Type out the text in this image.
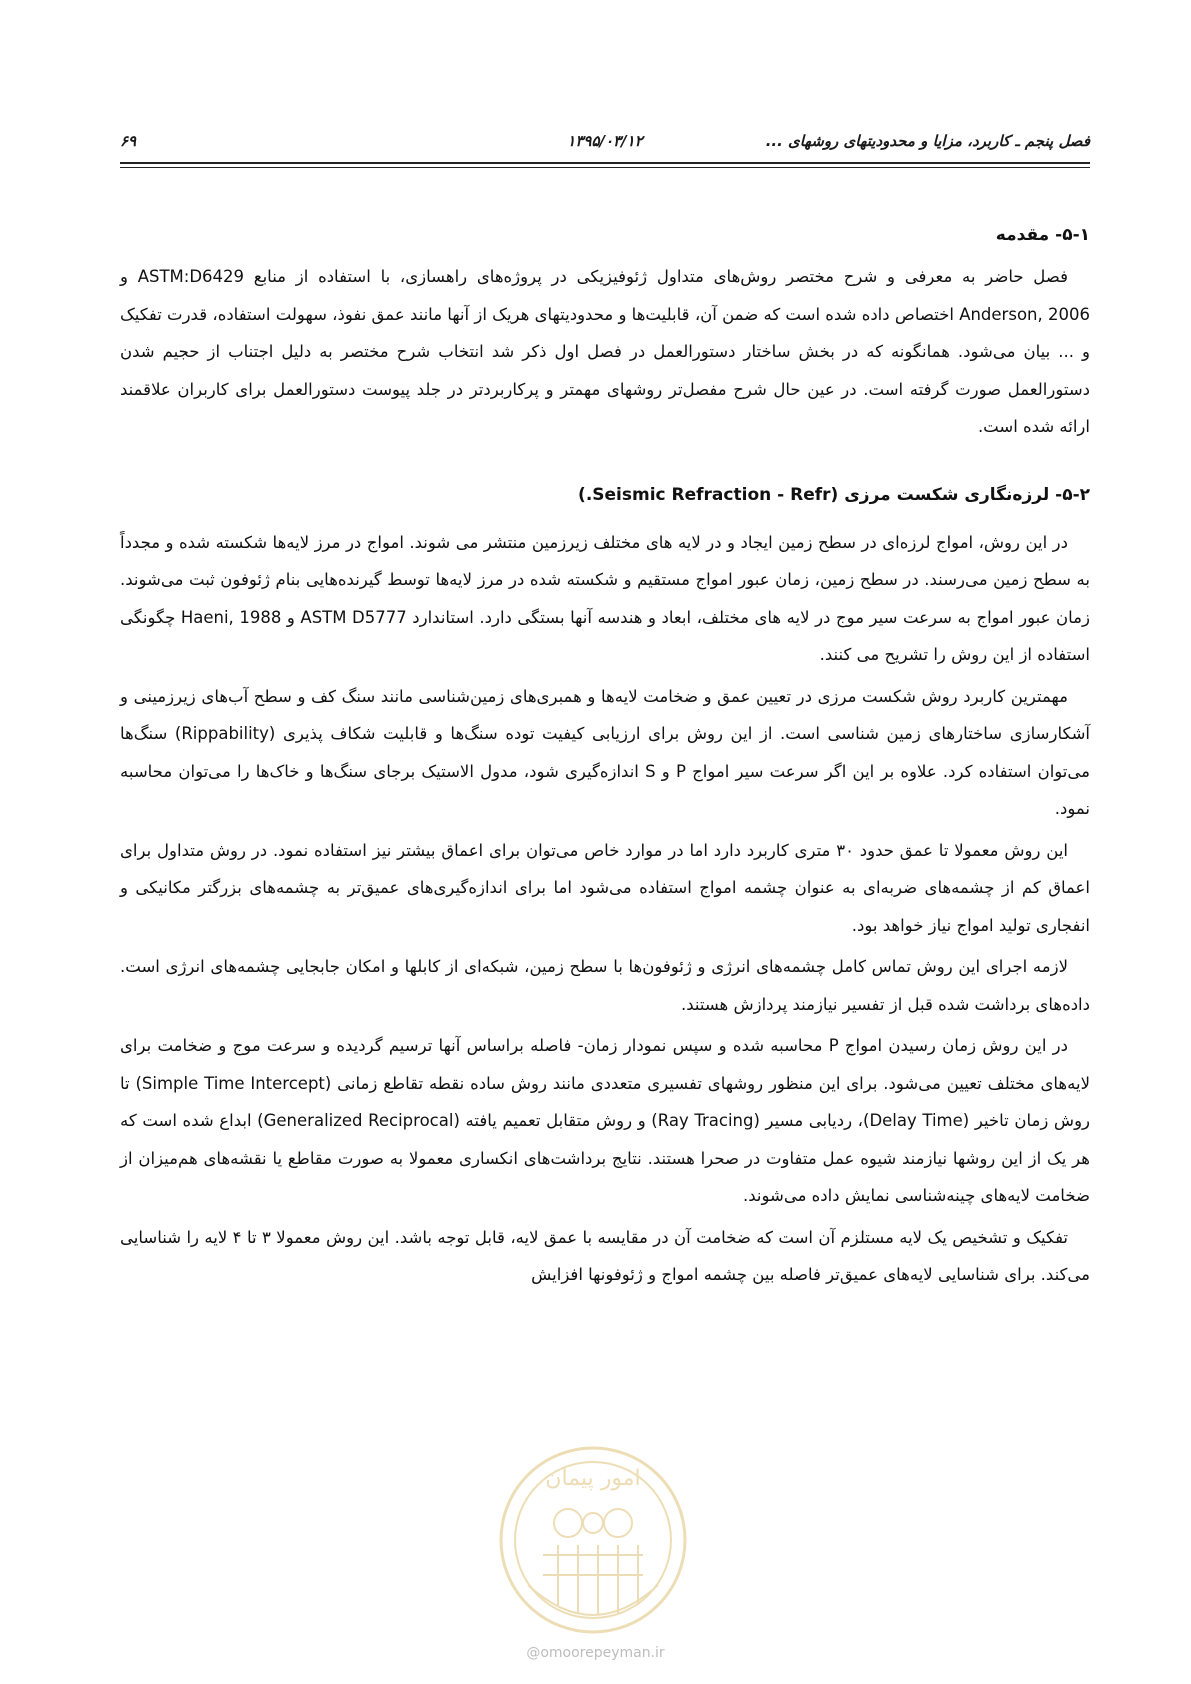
فصل پنجم ـ کاربرد، مزایا و محدودیتهای روشهای ...
۱۳۹۵/۰۳/۱۲
۶۹
۵-۱- مقدمه

فصل حاضر به معرفی و شرح مختصر روش‌های متداول ژئوفیزیکی در پروژه‌های راهسازی، با استفاده از منابع ASTM:D6429 و Anderson, 2006 اختصاص داده شده است که ضمن آن، قابلیت‌ها و محدودیتهای هریک از آنها مانند عمق نفوذ، سهولت استفاده، قدرت تفکیک و ... بیان می‌شود. همانگونه که در بخش ساختار دستورالعمل در فصل اول ذکر شد انتخاب شرح مختصر به دلیل اجتناب از حجیم شدن دستورالعمل صورت گرفته است. در عین حال شرح مفصل‌تر روشهای مهمتر و پرکاربردتر در جلد پیوست دستورالعمل برای کاربران علاقمند ارائه شده است.

۵-۲- لرزه‌نگاری شکست مرزی (Seismic Refraction - Refr.)

در این روش، امواج لرزه‌ای در سطح زمین ایجاد و در لایه های مختلف زیرزمین منتشر می شوند. امواج در مرز لایه‌ها شکسته شده و مجدداً به سطح زمین می‌رسند. در سطح زمین، زمان عبور امواج مستقیم و شکسته شده در مرز لایه‌ها توسط گیرنده‌هایی بنام ژئوفون ثبت می‌شوند. زمان عبور امواج به سرعت سیر موج در لایه های مختلف، ابعاد و هندسه آنها بستگی دارد. استاندارد ASTM D5777 و Haeni, 1988 چگونگی استفاده از این روش را تشریح می کنند.

مهمترین کاربرد روش شکست مرزی در تعیین عمق و ضخامت لایه‌ها و همبری‌های زمین‌شناسی مانند سنگ کف و سطح آب‌های زیرزمینی و آشکارسازی ساختارهای زمین شناسی است. از این روش برای ارزیابی کیفیت توده سنگ‌ها و قابلیت شکاف پذیری (Rippability) سنگ‌ها می‌توان استفاده کرد. علاوه بر این اگر سرعت سیر امواج P و S اندازه‌گیری شود، مدول الاستیک برجای سنگ‌ها و خاک‌ها را می‌توان محاسبه نمود.

این روش معمولا تا عمق حدود ۳۰ متری کاربرد دارد اما در موارد خاص می‌توان برای اعماق بیشتر نیز استفاده نمود. در روش متداول برای اعماق کم از چشمه‌های ضربه‌ای به عنوان چشمه امواج استفاده می‌شود اما برای اندازه‌گیری‌های عمیق‌تر به چشمه‌های بزرگتر مکانیکی و انفجاری تولید امواج نیاز خواهد بود.

لازمه اجرای این روش تماس کامل چشمه‌های انرژی و ژئوفون‌ها با سطح زمین، شبکه‌ای از کابلها و امکان جابجایی چشمه‌های انرژی است. داده‌های برداشت شده قبل از تفسیر نیازمند پردازش هستند.

در این روش زمان رسیدن امواج P محاسبه شده و سپس نمودار زمان- فاصله براساس آنها ترسیم گردیده و سرعت موج و ضخامت برای لایه‌های مختلف تعیین می‌شود. برای این منظور روشهای تفسیری متعددی مانند روش ساده نقطه تقاطع زمانی (Simple Time Intercept) تا روش زمان تاخیر (Delay Time)، ردیابی مسیر (Ray Tracing) و روش متقابل تعمیم یافته (Generalized Reciprocal) ابداع شده است که هر یک از این روشها نیازمند شیوه عمل متفاوت در صحرا هستند. نتایج برداشت‌های انکساری معمولا به صورت مقاطع یا نقشه‌های هم‌میزان از ضخامت لایه‌های چینه‌شناسی نمایش داده می‌شوند.

تفکیک و تشخیص یک لایه مستلزم آن است که ضخامت آن در مقایسه با عمق لایه، قابل توجه باشد. این روش معمولا ۳ تا ۴ لایه را شناسایی می‌کند. برای شناسایی لایه‌های عمیق‌تر فاصله بین چشمه امواج و ژئوفونها افزایش

امور پیمان
@omoorepeyman.ir
